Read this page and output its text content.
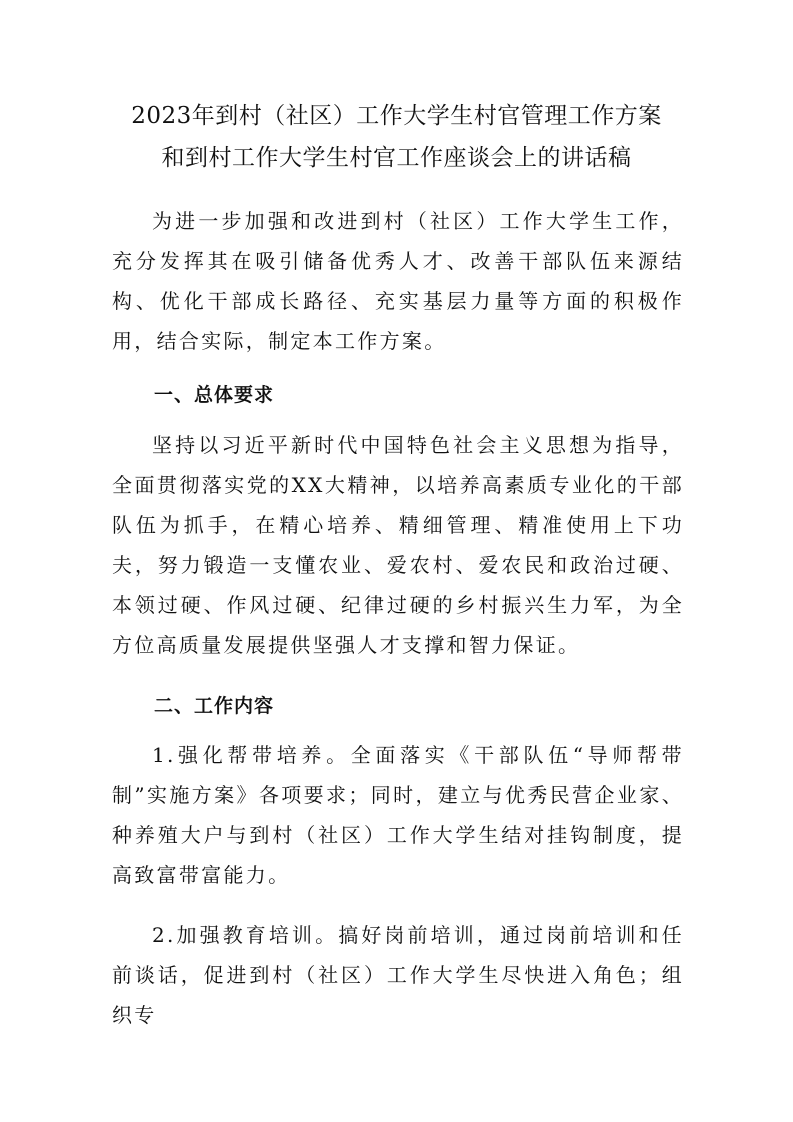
2023年到村（社区）工作大学生村官管理工作方案
和到村工作大学生村官工作座谈会上的讲话稿

为进一步加强和改进到村（社区）工作大学生工作，充分发挥其在吸引储备优秀人才、改善干部队伍来源结构、优化干部成长路径、充实基层力量等方面的积极作用，结合实际，制定本工作方案。

一、总体要求

坚持以习近平新时代中国特色社会主义思想为指导，全面贯彻落实党的XX大精神，以培养高素质专业化的干部队伍为抓手，在精心培养、精细管理、精准使用上下功夫，努力锻造一支懂农业、爱农村、爱农民和政治过硬、本领过硬、作风过硬、纪律过硬的乡村振兴生力军，为全方位高质量发展提供坚强人才支撑和智力保证。

二、工作内容

1.强化帮带培养。全面落实《干部队伍“导师帮带制”实施方案》各项要求；同时，建立与优秀民营企业家、种养殖大户与到村（社区）工作大学生结对挂钩制度，提高致富带富能力。

2.加强教育培训。搞好岗前培训，通过岗前培训和任前谈话，促进到村（社区）工作大学生尽快进入角色；组织专
